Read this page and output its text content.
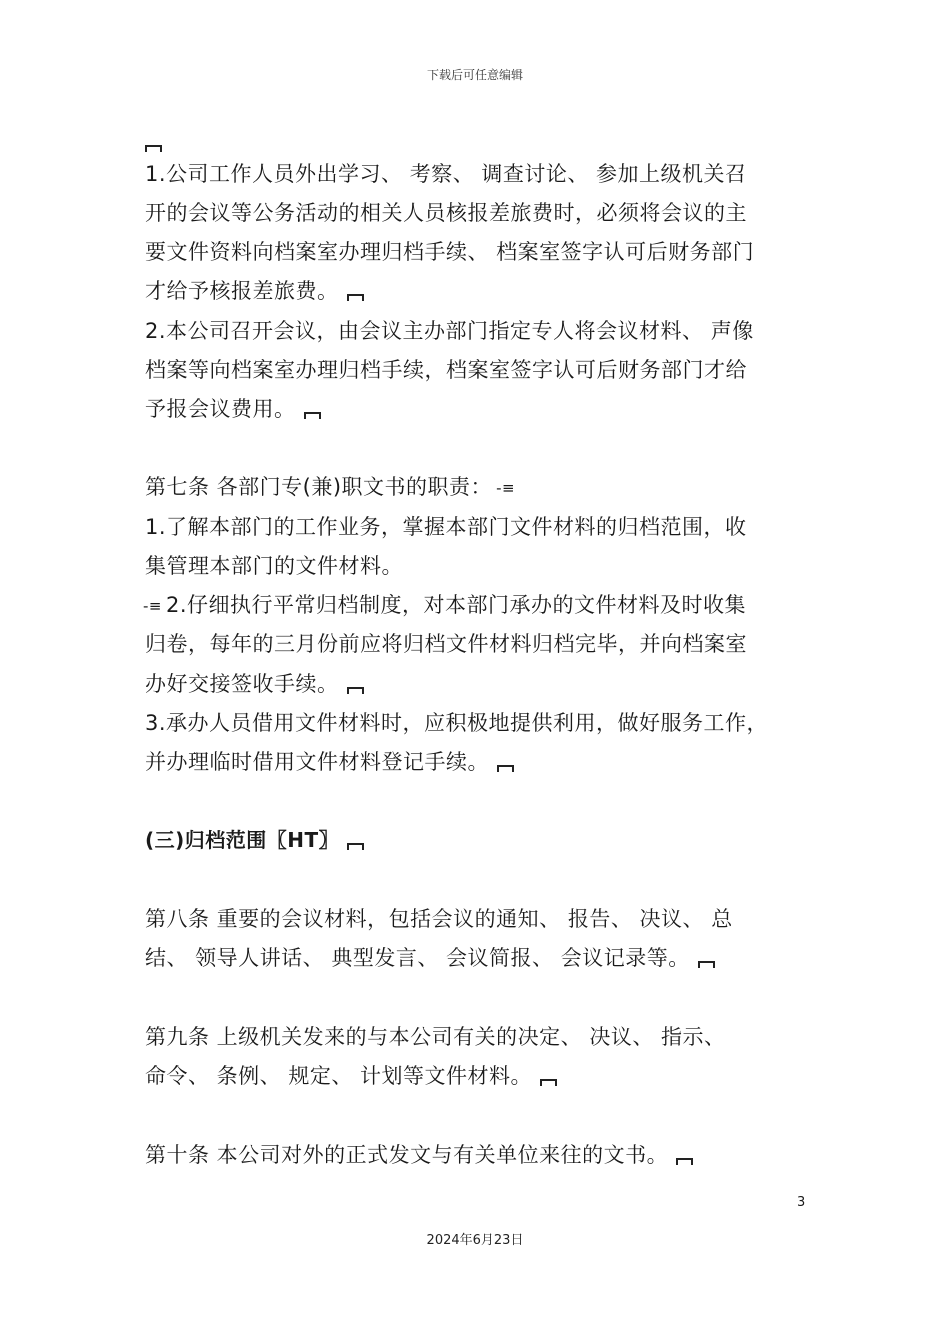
下载后可任意编辑
1.公司工作人员外出学习、 考察、 调查讨论、 参加上级机关召
开的会议等公务活动的相关人员核报差旅费时，必须将会议的主
要文件资料向档案室办理归档手续、 档案室签字认可后财务部门
才给予核报差旅费。
2.本公司召开会议，由会议主办部门指定专人将会议材料、 声像
档案等向档案室办理归档手续，档案室签字认可后财务部门才给
予报会议费用。
第七条 各部门专(兼)职文书的职责： -≡
1.了解本部门的工作业务，掌握本部门文件材料的归档范围，收
集管理本部门的文件材料。
-≡ 2.仔细执行平常归档制度，对本部门承办的文件材料及时收集
归卷，每年的三月份前应将归档文件材料归档完毕，并向档案室
办好交接签收手续。
3.承办人员借用文件材料时，应积极地提供利用，做好服务工作，
并办理临时借用文件材料登记手续。
(三)归档范围〖HT〗
第八条 重要的会议材料，包括会议的通知、 报告、 决议、 总
结、 领导人讲话、 典型发言、 会议简报、 会议记录等。
第九条 上级机关发来的与本公司有关的决定、 决议、 指示、
命令、 条例、 规定、 计划等文件材料。
第十条 本公司对外的正式发文与有关单位来往的文书。
3
2024年6月23日
